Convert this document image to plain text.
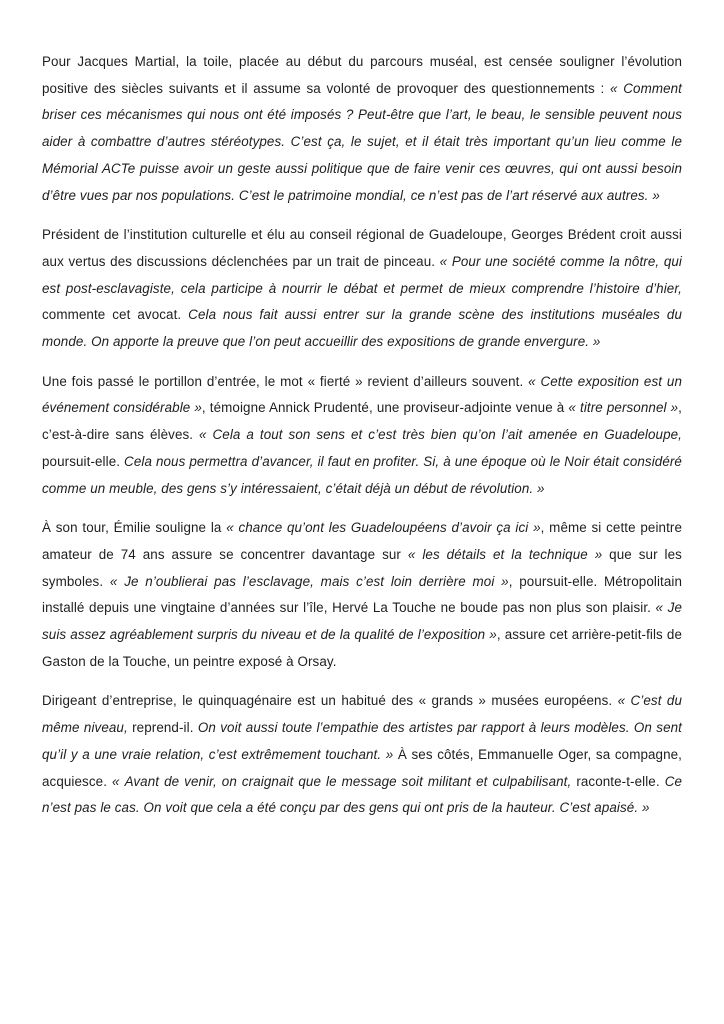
Pour Jacques Martial, la toile, placée au début du parcours muséal, est censée souligner l’évolution positive des siècles suivants et il assume sa volonté de provoquer des questionnements : « Comment briser ces mécanismes qui nous ont été imposés ? Peut-être que l’art, le beau, le sensible peuvent nous aider à combattre d’autres stéréotypes. C’est ça, le sujet, et il était très important qu’un lieu comme le Mémorial ACTe puisse avoir un geste aussi politique que de faire venir ces œuvres, qui ont aussi besoin d’être vues par nos populations. C’est le patrimoine mondial, ce n’est pas de l’art réservé aux autres. »

Président de l’institution culturelle et élu au conseil régional de Guadeloupe, Georges Brédent croit aussi aux vertus des discussions déclenchées par un trait de pinceau. « Pour une société comme la nôtre, qui est post-esclavagiste, cela participe à nourrir le débat et permet de mieux comprendre l’histoire d’hier, commente cet avocat. Cela nous fait aussi entrer sur la grande scène des institutions muséales du monde. On apporte la preuve que l’on peut accueillir des expositions de grande envergure. »

Une fois passé le portillon d’entrée, le mot « fierté » revient d’ailleurs souvent. « Cette exposition est un événement considérable », témoigne Annick Prudenté, une proviseur-adjointe venue à « titre personnel », c’est-à-dire sans élèves. « Cela a tout son sens et c’est très bien qu’on l’ait amenée en Guadeloupe, poursuit-elle. Cela nous permettra d’avancer, il faut en profiter. Si, à une époque où le Noir était considéré comme un meuble, des gens s’y intéressaient, c’était déjà un début de révolution. »

À son tour, Émilie souligne la « chance qu’ont les Guadeloupéens d’avoir ça ici », même si cette peintre amateur de 74 ans assure se concentrer davantage sur « les détails et la technique » que sur les symboles. « Je n’oublierai pas l’esclavage, mais c’est loin derrière moi », poursuit-elle. Métropolitain installé depuis une vingtaine d’années sur l’île, Hervé La Touche ne boude pas non plus son plaisir. « Je suis assez agréablement surpris du niveau et de la qualité de l’exposition », assure cet arrière-petit-fils de Gaston de la Touche, un peintre exposé à Orsay.

Dirigeant d’entreprise, le quinquagénaire est un habitué des « grands » musées européens. « C’est du même niveau, reprend-il. On voit aussi toute l’empathie des artistes par rapport à leurs modèles. On sent qu’il y a une vraie relation, c’est extrêmement touchant. » À ses côtés, Emmanuelle Oger, sa compagne, acquiesce. « Avant de venir, on craignait que le message soit militant et culpabilisant, raconte-t-elle. Ce n’est pas le cas. On voit que cela a été conçu par des gens qui ont pris de la hauteur. C’est apaisé. »
